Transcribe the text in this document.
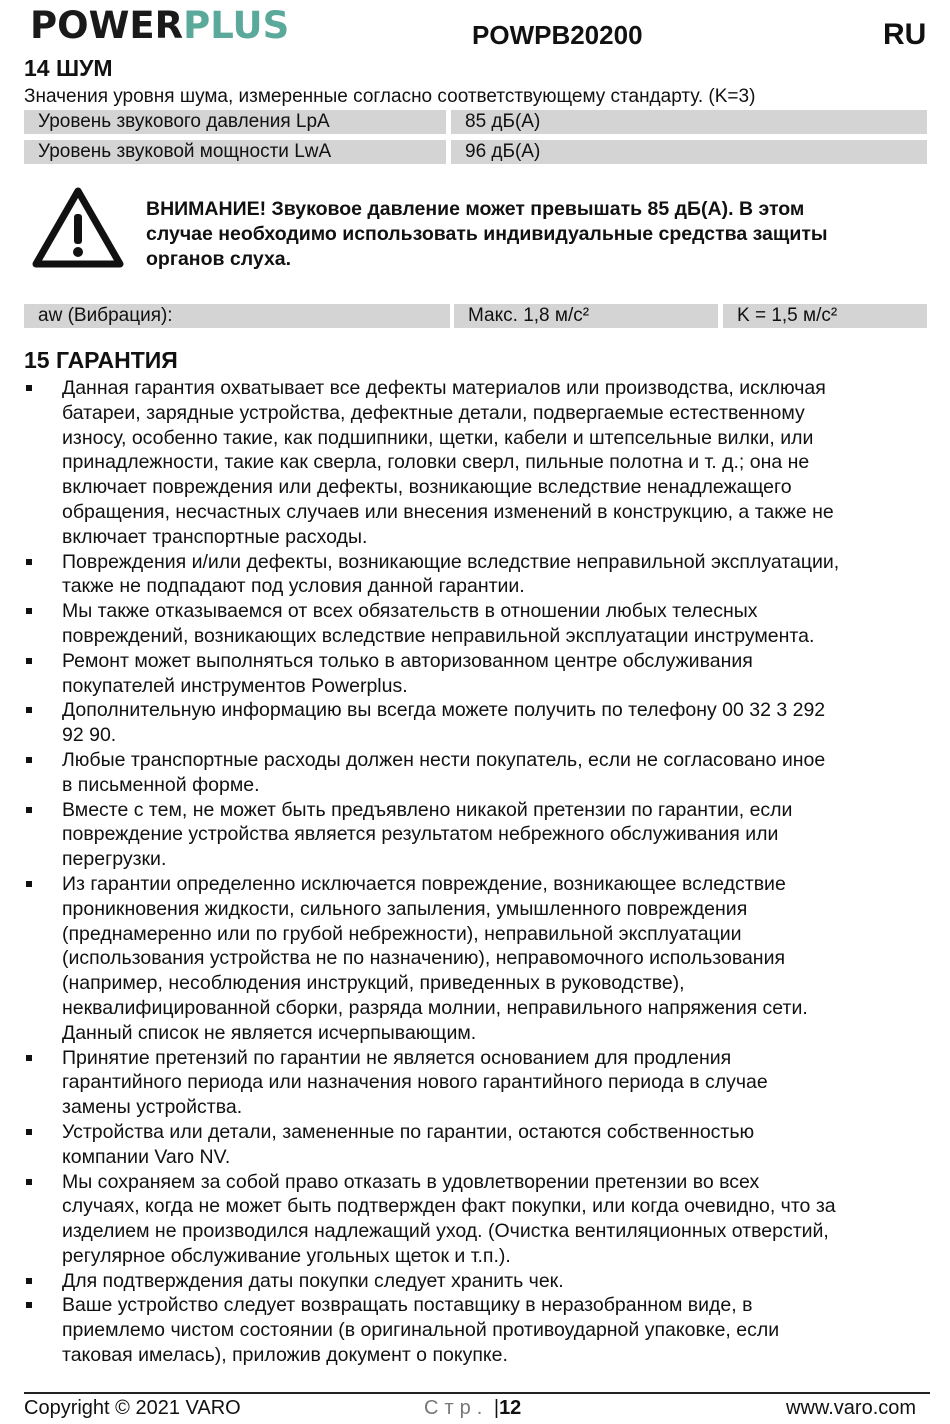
POWERPLUS	POWPB20200	RU
14 ШУМ
Значения уровня шума, измеренные согласно соответствующему стандарту. (K=3)
Уровень звукового давления LpA	85 дБ(A)
Уровень звуковой мощности LwA	96 дБ(A)
ВНИМАНИЕ! Звуковое давление может превышать 85 дБ(A). В этом
случае необходимо использовать индивидуальные средства защиты
органов слуха.
aw (Вибрация):	Макс. 1,8 м/с²	K = 1,5 м/с²
15 ГАРАНТИЯ
Данная гарантия охватывает все дефекты материалов или производства, исключая
батареи, зарядные устройства, дефектные детали, подвергаемые естественному
износу, особенно такие, как подшипники, щетки, кабели и штепсельные вилки, или
принадлежности, такие как сверла, головки сверл, пильные полотна и т. д.; она не
включает повреждения или дефекты, возникающие вследствие ненадлежащего
обращения, несчастных случаев или внесения изменений в конструкцию, а также не
включает транспортные расходы.
Повреждения и/или дефекты, возникающие вследствие неправильной эксплуатации,
также не подпадают под условия данной гарантии.
Мы также отказываемся от всех обязательств в отношении любых телесных
повреждений, возникающих вследствие неправильной эксплуатации инструмента.
Ремонт может выполняться только в авторизованном центре обслуживания
покупателей инструментов Powerplus.
Дополнительную информацию вы всегда можете получить по телефону 00 32 3 292
92 90.
Любые транспортные расходы должен нести покупатель, если не согласовано иное
в письменной форме.
Вместе с тем, не может быть предъявлено никакой претензии по гарантии, если
повреждение устройства является результатом небрежного обслуживания или
перегрузки.
Из гарантии определенно исключается повреждение, возникающее вследствие
проникновения жидкости, сильного запыления, умышленного повреждения
(преднамеренно или по грубой небрежности), неправильной эксплуатации
(использования устройства не по назначению), неправомочного использования
(например, несоблюдения инструкций, приведенных в руководстве),
неквалифицированной сборки, разряда молнии, неправильного напряжения сети.
Данный список не является исчерпывающим.
Принятие претензий по гарантии не является основанием для продления
гарантийного периода или назначения нового гарантийного периода в случае
замены устройства.
Устройства или детали, замененные по гарантии, остаются собственностью
компании Varo NV.
Мы сохраняем за собой право отказать в удовлетворении претензии во всех
случаях, когда не может быть подтвержден факт покупки, или когда очевидно, что за
изделием не производился надлежащий уход. (Очистка вентиляционных отверстий,
регулярное обслуживание угольных щеток и т.п.).
Для подтверждения даты покупки следует хранить чек.
Ваше устройство следует возвращать поставщику в неразобранном виде, в
приемлемо чистом состоянии (в оригинальной противоударной упаковке, если
таковая имелась), приложив документ о покупке.
Copyright © 2021 VARO	Стр. |12	www.varo.com
